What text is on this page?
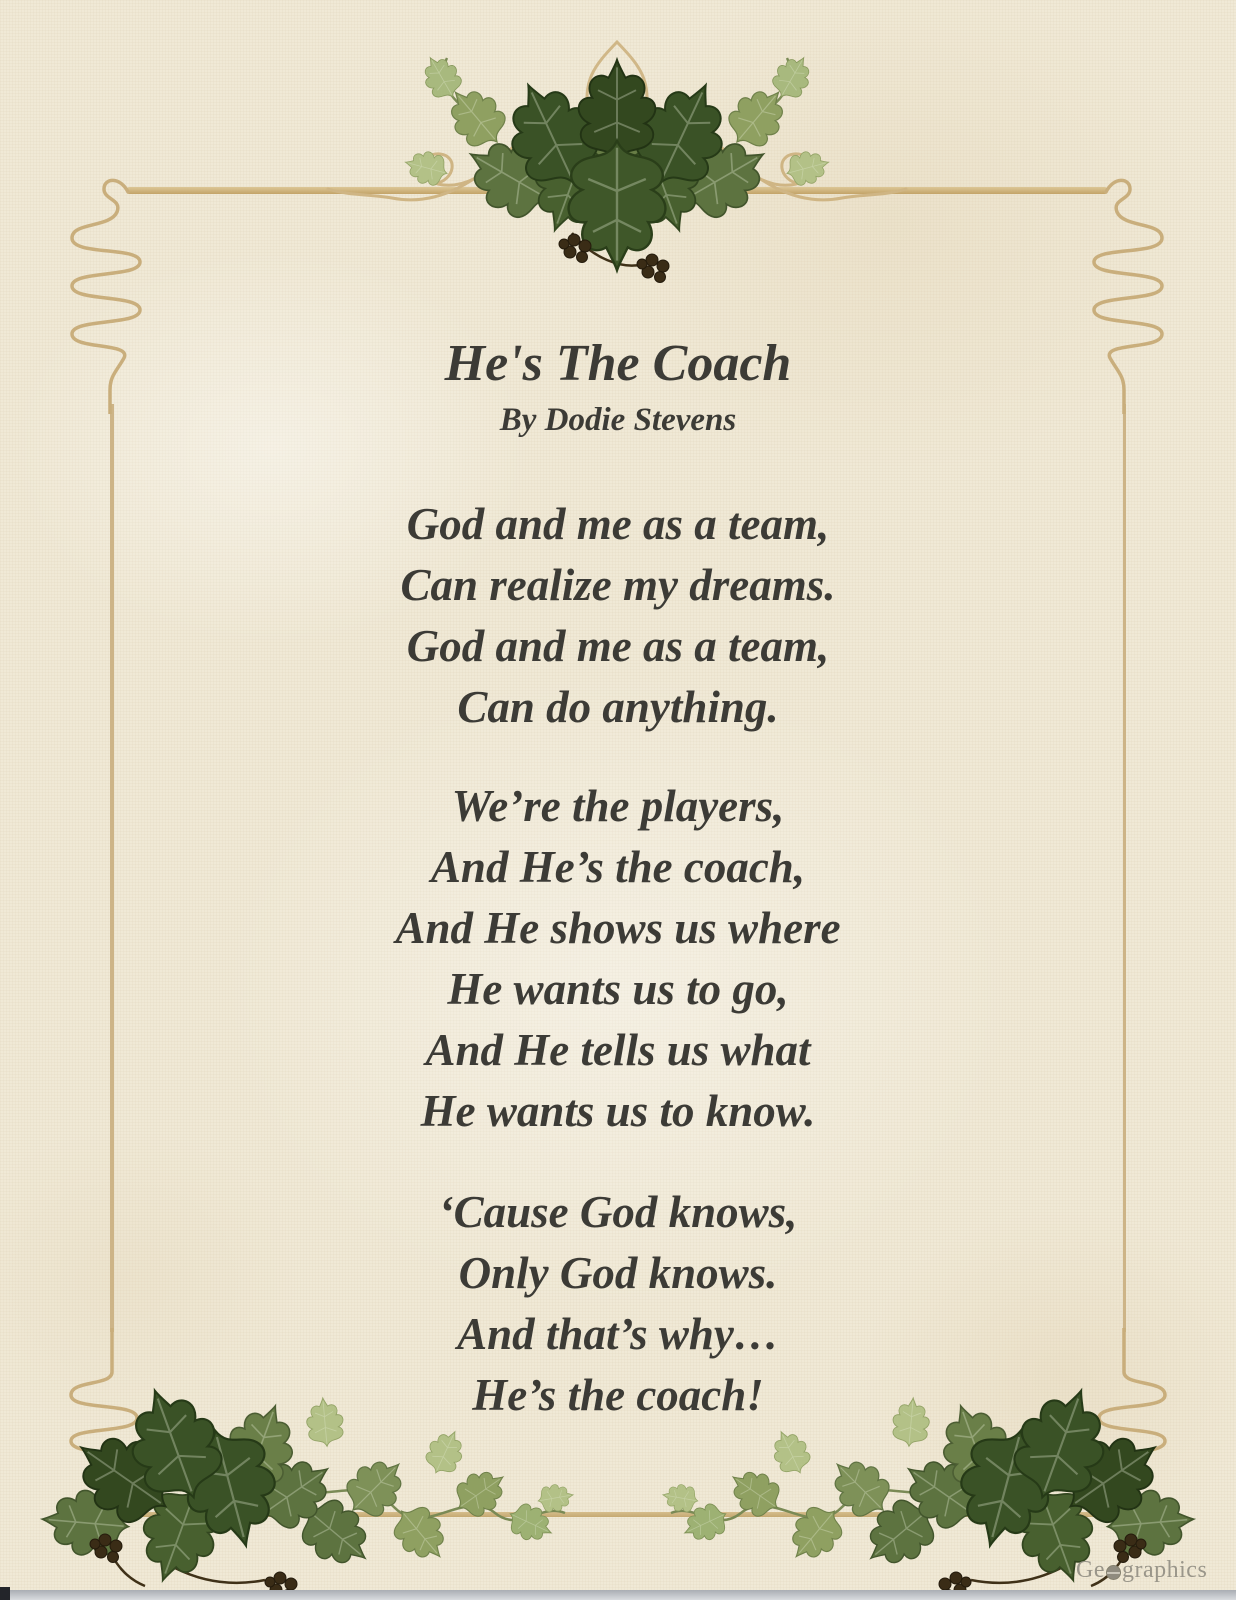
He's The Coach
By Dodie Stevens
God and me as a team,
Can realize my dreams.
God and me as a team,
Can do anything.
We’re the players,
And He’s the coach,
And He shows us where
He wants us to go,
And He tells us what
He wants us to know.
‘Cause God knows,
Only God knows.
And that’s why…
He’s the coach!
Ge graphics
